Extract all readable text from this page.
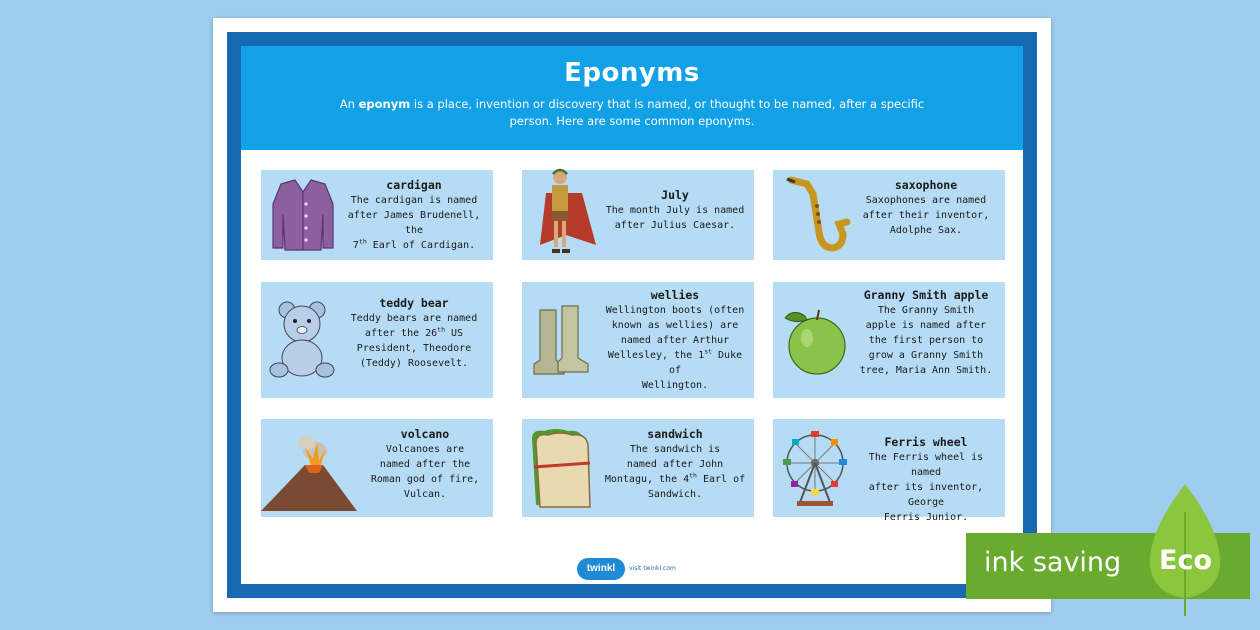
Eponyms

An eponym is a place, invention or discovery that is named, or thought to be named, after a specific person. Here are some common eponyms.

cardigan
The cardigan is named
after James Brudenell, the
7th Earl of Cardigan.
July
The month July is named
after Julius Caesar.
saxophone
Saxophones are named
after their inventor,
Adolphe Sax.
teddy bear
Teddy bears are named
after the 26th US
President, Theodore
(Teddy) Roosevelt.
wellies
Wellington boots (often
known as wellies) are
named after Arthur
Wellesley, the 1st Duke of
Wellington.
Granny Smith apple
The Granny Smith
apple is named after
the first person to
grow a Granny Smith
tree, Maria Ann Smith.
volcano
Volcanoes are
named after the
Roman god of fire,
Vulcan.
sandwich
The sandwich is
named after John
Montagu, the 4th Earl of
Sandwich.
Ferris wheel
The Ferris wheel is named
after its inventor, George
Ferris Junior.
twinkl	visit twinkl.com	ink saving Eco
